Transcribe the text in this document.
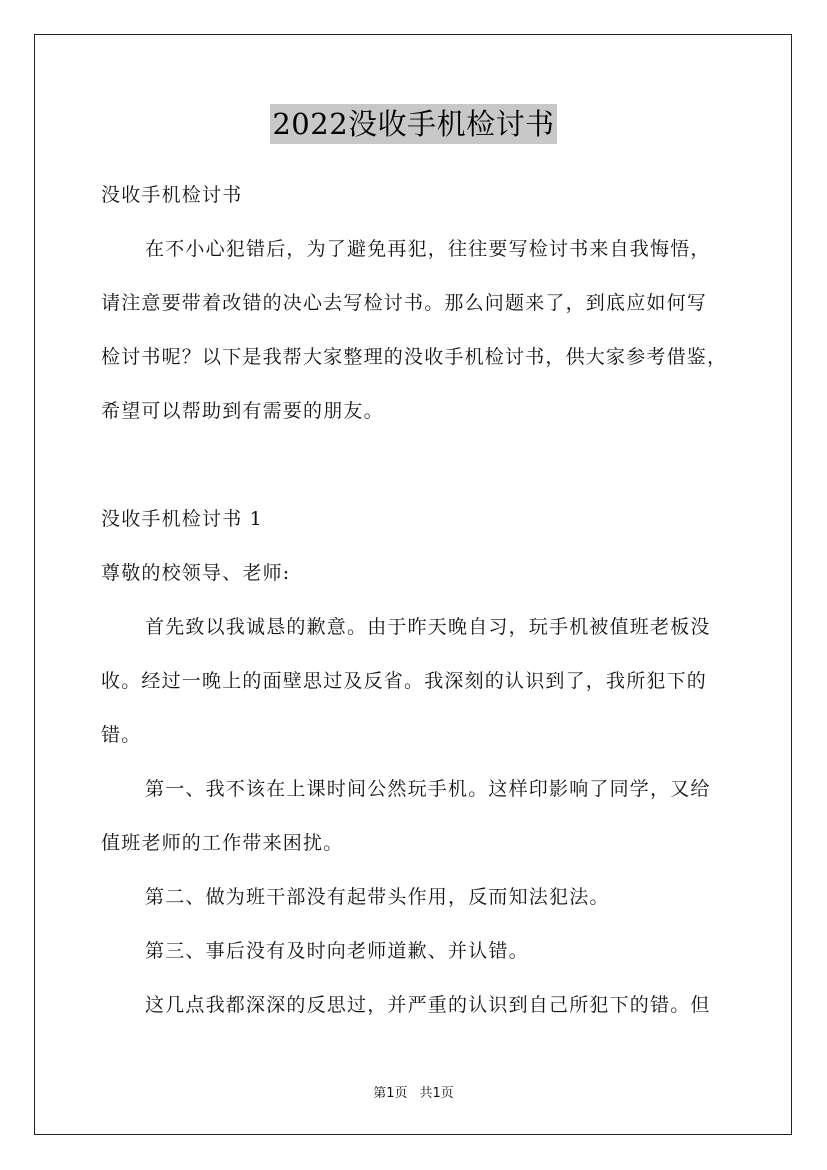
2022没收手机检讨书
没收手机检讨书
在不小心犯错后，为了避免再犯，往往要写检讨书来自我悔悟，
请注意要带着改错的决心去写检讨书。那么问题来了，到底应如何写
检讨书呢？以下是我帮大家整理的没收手机检讨书，供大家参考借鉴，
希望可以帮助到有需要的朋友。
没收手机检讨书 1
尊敬的校领导、老师:
首先致以我诚恳的歉意。由于昨天晚自习，玩手机被值班老板没
收。经过一晚上的面壁思过及反省。我深刻的认识到了，我所犯下的
错。
第一、我不该在上课时间公然玩手机。这样印影响了同学，又给
值班老师的工作带来困扰。
第二、做为班干部没有起带头作用，反而知法犯法。
第三、事后没有及时向老师道歉、并认错。
这几点我都深深的反思过，并严重的认识到自己所犯下的错。但
第1页 共1页
